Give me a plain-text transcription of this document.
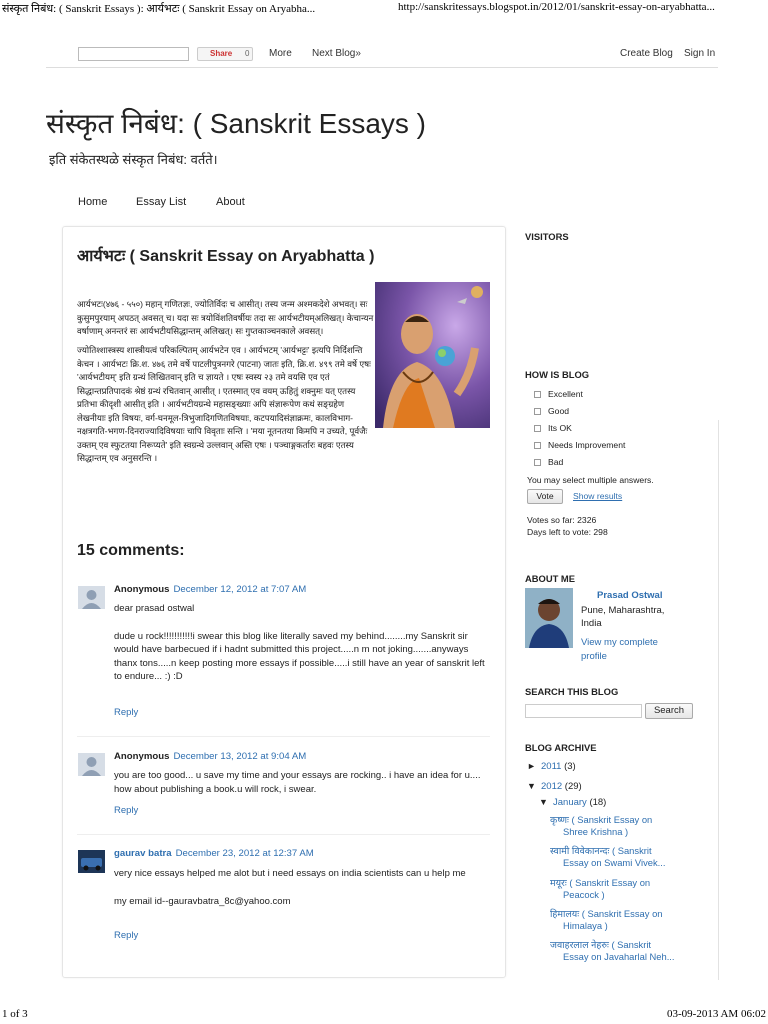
संस्कृत निबंध: ( Sanskrit Essays ): आर्यभटः ( Sanskrit Essay on Aryabha...	http://sanskritessays.blogspot.in/2012/01/sanskrit-essay-on-aryabhatta...
Share 0 More Next Blog»	Create Blog Sign In
संस्कृत निबंध: ( Sanskrit Essays )
इति संकेतस्थळे संस्कृत निबंध: वर्तते।
Home	Essay List	About
आर्यभटः ( Sanskrit Essay on Aryabhatta )

आर्यभटः(४७६ - ५५०) महान् गणितज्ञः, ज्योतिर्विदः च आसीत्। तस्य जन्म अश्मकदेशे अभवत्। सः कुसुमपुरयाम् अपठत् अवसत् च। यदा सः त्रयोविंशतिवर्षीयः तदा सः आर्यभटीयम्अलिखत्। केचान्यन वर्षाणाम् अनन्तरं सः आर्यभटीयसिद्धान्तम् अलिखत्। सः गुप्तकाञ्चनकाले अवसत्।

ज्योतिश्शास्त्रस्य शास्त्रीयत्वं परिकल्पितम् आर्यभटेन एव । आर्यभटम् 'आर्यभट्टः' इत्यपि निर्दिशन्ति केचन । आर्यभटः क्रि.श. ४७६ तमे वर्षे पाटलीपुत्रनगरे (पाटना) जातः इति, क्रि.श. ४९९ तमे वर्षे एषः 'आर्यभटीयम्' इति ग्रन्थं लिखितवान् इति च ज्ञायते । एषः स्वस्य २३ तमे वयसि एव एतं सिद्धान्तप्रतिपादकं श्रेष्ठं ग्रन्थं रचितवान् आसीत् । एतस्मात् एव वयम् ऊहितुं शक्नुमः यत् एतस्य प्रतिभा कीदृशी आसीत् इति । आर्यभटीयग्रन्थे महासङ्ख्याः अपि संज्ञारूपेण कथं सङ्ग्रहेण लेखनीयाः इति विषयः, वर्ग-घनमूल-त्रिभुजादिगणितविषयाः, कटपयादिसंज्ञाक्रमः, कालविभाग-नक्षत्रगति-भगण-दिनराज्यादिविषयाः चापि विवृताः सन्ति । 'मया नूतनतया किमपि न उच्यते, पूर्वजैः उक्तम् एव स्फुटतया निरूप्यते' इति स्वग्रन्थे उल्लवान् अस्ति एषः । पञ्चाङ्गकर्तारः बहवः एतस्य सिद्धान्तम् एव अनुसरन्ति ।

15 comments:
Anonymous December 12, 2012 at 7:07 AM

dear prasad ostwal

dude u rock!!!!!!!!!!!i swear this blog like literally saved my behind........my Sanskrit sir would have barbecued if i hadnt submitted this project.....n m not joking.......anyways thanx tons.....n keep posting more essays if possible.....i still have an year of sanskrit left to endure... :) :D

Reply
Anonymous December 13, 2012 at 9:04 AM

you are too good... u save my time and your essays are rocking.. i have an idea for u.... how about publishing a book.u will rock, i swear.

Reply
gaurav batra December 23, 2012 at 12:37 AM

very nice essays helped me alot but i need essays on india scientists can u help me

my email id--gauravbatra_8c@yahoo.com

Reply
VISITORS
HOW IS BLOG
Excellent
Good
Its OK
Needs Improvement
Bad
You may select multiple answers.
Vote	Show results
Votes so far: 2326
Days left to vote: 298
ABOUT ME
Prasad Ostwal
Pune, Maharashtra,
India
View my complete
profile
SEARCH THIS BLOG
Search
BLOG ARCHIVE
► 2011 (3)
▼ 2012 (29)
▼ January (18)
कृष्णः ( Sanskrit Essay on
Shree Krishna )
स्वामी विवेकानन्दः ( Sanskrit
Essay on Swami Vivek...
मयूरः ( Sanskrit Essay on
Peacock )
हिमालयः ( Sanskrit Essay on
Himalaya )
जवाहरलाल नेहरुः ( Sanskrit
Essay on Javaharlal Neh...
1 of 3	03-09-2013 AM 06:02
